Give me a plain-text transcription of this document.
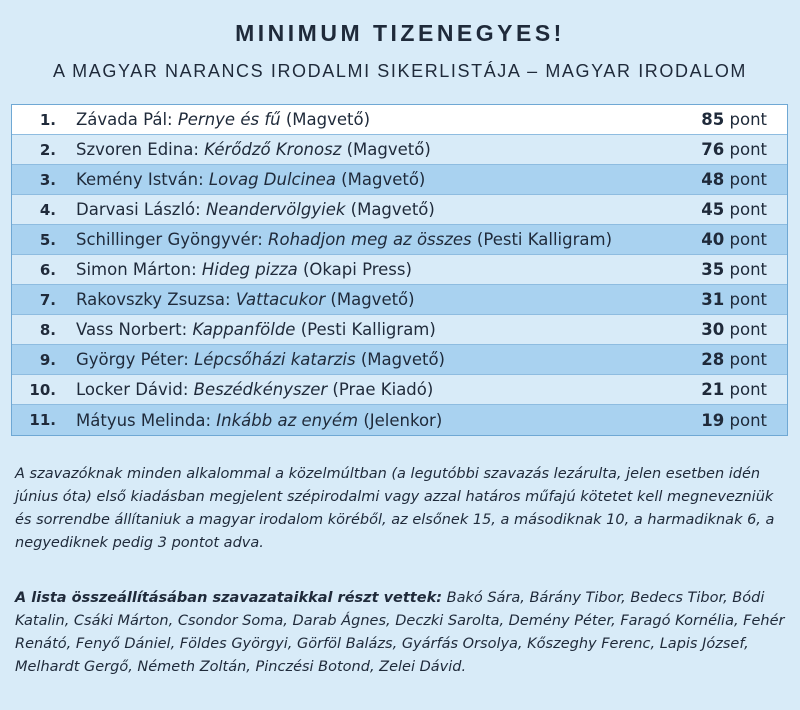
MINIMUM TIZENEGYES!
A MAGYAR NARANCS IRODALMI SIKERLISTÁJA – MAGYAR IRODALOM
1.	Závada Pál: Pernye és fű (Magvető)	85 pont
2.	Szvoren Edina: Kérődző Kronosz (Magvető)	76 pont
3.	Kemény István: Lovag Dulcinea (Magvető)	48 pont
4.	Darvasi László: Neandervölgyiek (Magvető)	45 pont
5.	Schillinger Gyöngyvér: Rohadjon meg az összes (Pesti Kalligram)	40 pont
6.	Simon Márton: Hideg pizza (Okapi Press)	35 pont
7.	Rakovszky Zsuzsa: Vattacukor (Magvető)	31 pont
8.	Vass Norbert: Kappanfölde (Pesti Kalligram)	30 pont
9.	György Péter: Lépcsőházi katarzis (Magvető)	28 pont
10.	Locker Dávid: Beszédkényszer (Prae Kiadó)	21 pont
11.	Mátyus Melinda: Inkább az enyém (Jelenkor)	19 pont
A szavazóknak minden alkalommal a közelmúltban (a legutóbbi szavazás lezárulta, jelen esetben idén június óta) első kiadásban megjelent szépirodalmi vagy azzal határos műfajú kötetet kell megnevezniük és sorrendbe állítaniuk a magyar irodalom köréből, az elsőnek 15, a másodiknak 10, a harmadiknak 6, a negyediknek pedig 3 pontot adva.
A lista összeállításában szavazataikkal részt vettek: Bakó Sára, Bárány Tibor, Bedecs Tibor, Bódi Katalin, Csáki Márton, Csondor Soma, Darab Ágnes, Deczki Sarolta, Demény Péter, Faragó Kornélia, Fehér Renátó, Fenyő Dániel, Földes Györgyi, Görföl Balázs, Gyárfás Orsolya, Kőszeghy Ferenc, Lapis József, Melhardt Gergő, Németh Zoltán, Pinczési Botond, Zelei Dávid.
